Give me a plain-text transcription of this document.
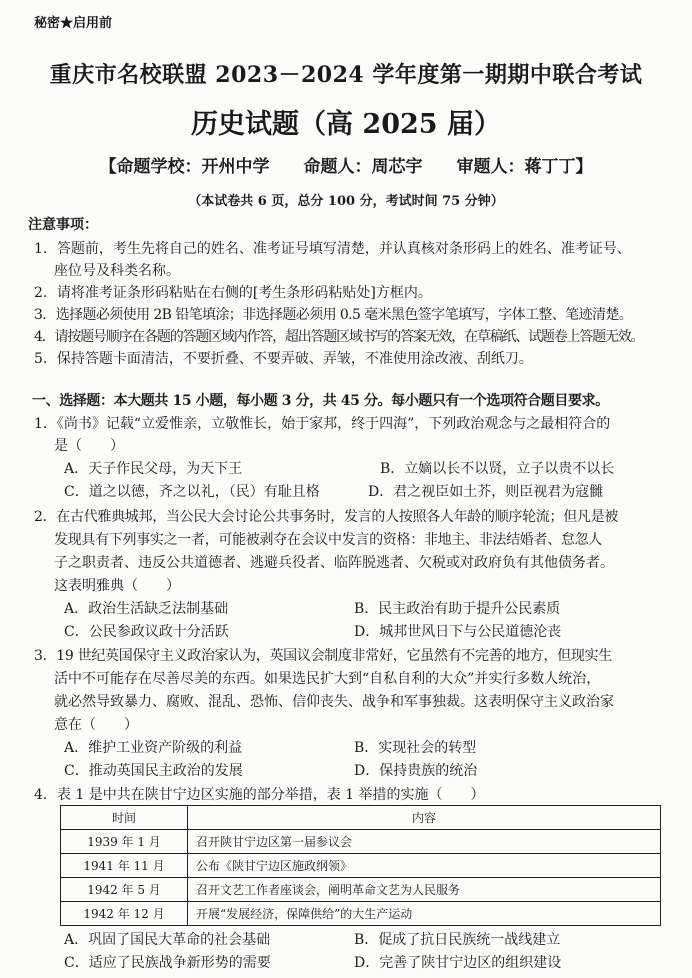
秘密★启用前
重庆市名校联盟 2023－2024 学年度第一期期中联合考试
历史试题（高 2025 届）
【命题学校：开州中学　　命题人：周芯宇　　审题人：蒋丁丁】
（本试卷共 6 页，总分 100 分，考试时间 75 分钟）
注意事项：
1．答题前，考生先将自己的姓名、准考证号填写清楚，并认真核对条形码上的姓名、准考证号、
座位号及科类名称。
2．请将准考证条形码粘贴在右侧的[考生条形码粘贴处]方框内。
3．选择题必须使用 2B 铅笔填涂；非选择题必须用 0.5 毫米黑色签字笔填写，字体工整、笔迹清楚。
4．请按题号顺序在各题的答题区域内作答，超出答题区域书写的答案无效，在草稿纸、试题卷上答题无效。
5．保持答题卡面清洁，不要折叠、不要弄破、弄皱，不准使用涂改液、刮纸刀。
一、选择题：本大题共 15 小题，每小题 3 分，共 45 分。每小题只有一个选项符合题目要求。
1．《尚书》记载“立爱惟亲，立敬惟长，始于家邦，终于四海”，下列政治观念与之最相符合的
是（　　）
A．天子作民父母，为天下王	B．立嫡以长不以贤，立子以贵不以长
C．道之以德，齐之以礼，（民）有耻且格	D．君之视臣如土芥，则臣视君为寇雠
2．在古代雅典城邦，当公民大会讨论公共事务时，发言的人按照各人年龄的顺序轮流；但凡是被
发现具有下列事实之一者，可能被剥夺在会议中发言的资格：非地主、非法结婚者、怠忽人
子之职责者、违反公共道德者、逃避兵役者、临阵脱逃者、欠税或对政府负有其他债务者。
这表明雅典（　　）
A．政治生活缺乏法制基础	B．民主政治有助于提升公民素质
C．公民参政议政十分活跃	D．城邦世风日下与公民道德沦丧
3．19 世纪英国保守主义政治家认为，英国议会制度非常好，它虽然有不完善的地方，但现实生
活中不可能存在尽善尽美的东西。如果选民扩大到“自私自利的大众”并实行多数人统治，
就必然导致暴力、腐败、混乱、恐怖、信仰丧失、战争和军事独裁。这表明保守主义政治家
意在（　　）
A．维护工业资产阶级的利益	B．实现社会的转型
C．推动英国民主政治的发展	D．保持贵族的统治
4．表 1 是中共在陕甘宁边区实施的部分举措，表 1 举措的实施（　　）
时间	内容
1939 年 1 月	召开陕甘宁边区第一届参议会
1941 年 11 月	公布《陕甘宁边区施政纲领》
1942 年 5 月	召开文艺工作者座谈会，阐明革命文艺为人民服务
1942 年 12 月	开展“发展经济，保障供给”的大生产运动
A．巩固了国民大革命的社会基础	B．促成了抗日民族统一战线建立
C．适应了民族战争新形势的需要	D．完善了陕甘宁边区的组织建设
